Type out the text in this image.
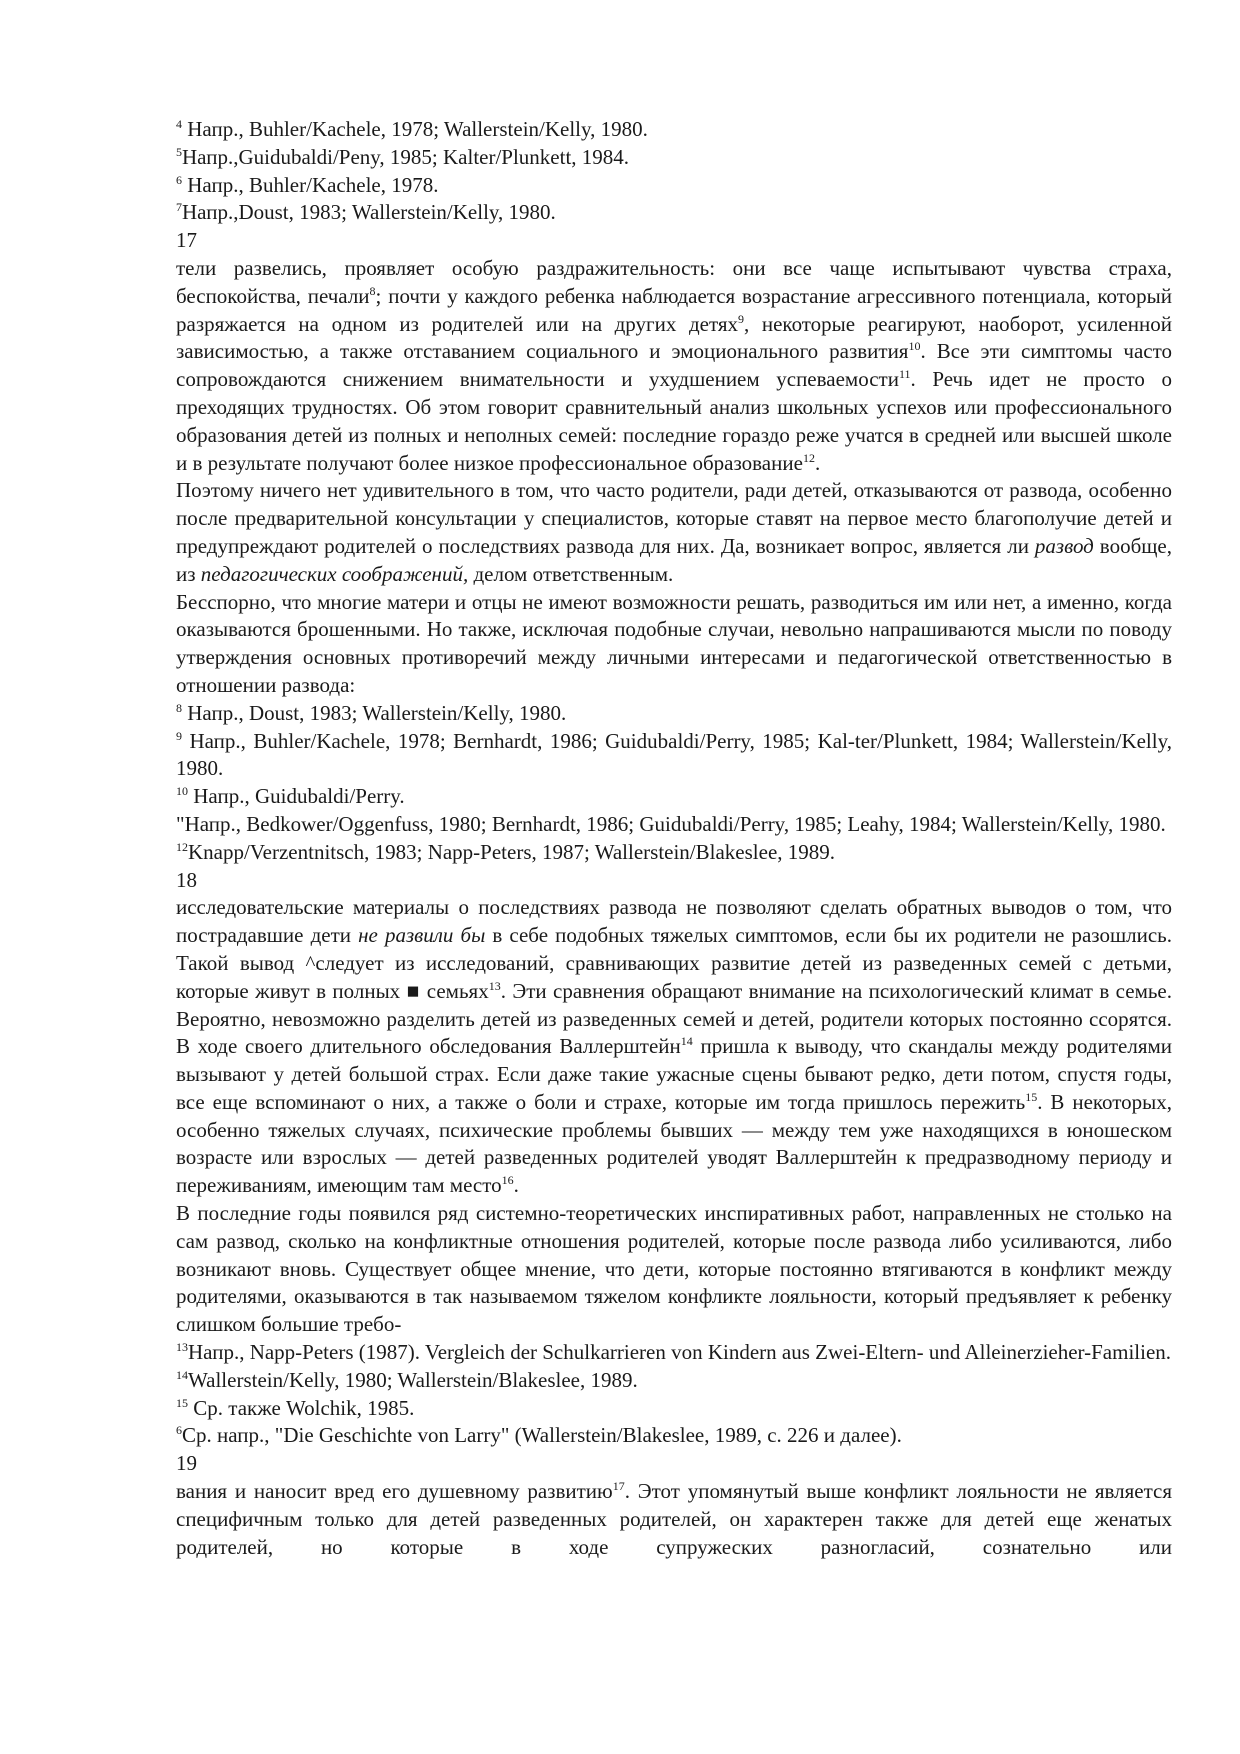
$^4$ Напр., Buhler/Kachele, 1978; Wallerstein/Kelly, 1980.

$^5$Напр.,Guidubaldi/Peny, 1985; Kalter/Plunkett, 1984.

$^6$ Напр., Buhler/Kachele, 1978.

$^7$Напр.,Doust, 1983; Wallerstein/Kelly, 1980.

17

тели развелись, проявляет особую раздражительность: они все чаще испытывают чувства страха, беспокойства, печали$^8$; почти у каждого ребенка наблюдается возрастание агрессивного потенциала, который разряжается на одном из родителей или на других детях$^9$, некоторые реагируют, наоборот, усиленной зависимостью, а также отставанием социального и эмоционального развития$^{10}$. Все эти симптомы часто сопровождаются снижением внимательности и ухудшением успеваемости$^{11}$. Речь идет не просто о преходящих трудностях. Об этом говорит сравнительный анализ школьных успехов или профессионального образования детей из полных и неполных семей: последние гораздо реже учатся в средней или высшей школе и в результате получают более низкое профессиональное образование$^{12}$.

Поэтому ничего нет удивительного в том, что часто родители, ради детей, отказываются от развода, особенно после предварительной консультации у специалистов, которые ставят на первое место благополучие детей и предупреждают родителей о последствиях развода для них. Да, возникает вопрос, является ли развод вообще, из педагогических соображений, делом ответственным.

Бесспорно, что многие матери и отцы не имеют возможности решать, разводиться им или нет, а именно, когда оказываются брошенными. Но также, исключая подобные случаи, невольно напрашиваются мысли по поводу утверждения основных противоречий между личными интересами и педагогической ответственностью в отношении развода:

$^8$ Напр., Doust, 1983; Wallerstein/Kelly, 1980.

$^9$ Напр., Buhler/Kachele, 1978; Bernhardt, 1986; Guidubaldi/Perry, 1985; Kal-ter/Plunkett, 1984; Wallerstein/Kelly, 1980.

$^{10}$ Напр., Guidubaldi/Perry.

"Напр., Bedkower/Oggenfuss, 1980; Bernhardt, 1986; Guidubaldi/Perry, 1985; Leahy, 1984; Wallerstein/Kelly, 1980.

$^{12}$Knapp/Verzentnitsch, 1983; Napp-Peters, 1987; Wallerstein/Blakeslee, 1989.

18

исследовательские материалы о последствиях развода не позволяют сделать обратных выводов о том, что пострадавшие дети не развили бы в себе подобных тяжелых симптомов, если бы их родители не разошлись. Такой вывод ^следует из исследований, сравнивающих развитие детей из разведенных семей с детьми, которые живут в полных ■ семьях$^{13}$. Эти сравнения обращают внимание на психологический климат в семье. Вероятно, невозможно разделить детей из разведенных семей и детей, родители которых постоянно ссорятся. В ходе своего длительного обследования Валлерштейн$^{14}$ пришла к выводу, что скандалы между родителями вызывают у детей большой страх. Если даже такие ужасные сцены бывают редко, дети потом, спустя годы, все еще вспоминают о них, а также о боли и страхе, которые им тогда пришлось пережить$^{15}$. В некоторых, особенно тяжелых случаях, психические проблемы бывших — между тем уже находящихся в юношеском возрасте или взрослых — детей разведенных родителей уводят Валлерштейн к предразводному периоду и переживаниям, имеющим там место$^{16}$.

В последние годы появился ряд системно-теоретических инспиративных работ, направленных не столько на сам развод, сколько на конфликтные отношения родителей, которые после развода либо усиливаются, либо возникают вновь. Существует общее мнение, что дети, которые постоянно втягиваются в конфликт между родителями, оказываются в так называемом тяжелом конфликте лояльности, который предъявляет к ребенку слишком большие требо-

$^{13}$Напр., Napp-Peters (1987). Vergleich der Schulkarrieren von Kindern aus Zwei-Eltern- und Alleinerzieher-Familien.

$^{14}$Wallerstein/Kelly, 1980; Wallerstein/Blakeslee, 1989.

$^{15}$ Ср. также Wolchik, 1985.

$^6$Ср. напр., "Die Geschichte von Larry" (Wallerstein/Blakeslee, 1989, с. 226 и далее).

19

вания и наносит вред его душевному развитию$^{17}$. Этот упомянутый выше конфликт лояльности не является специфичным только для детей разведенных родителей, он характерен также для детей еще женатых родителей, но которые в ходе супружеских разногласий, сознательно или
